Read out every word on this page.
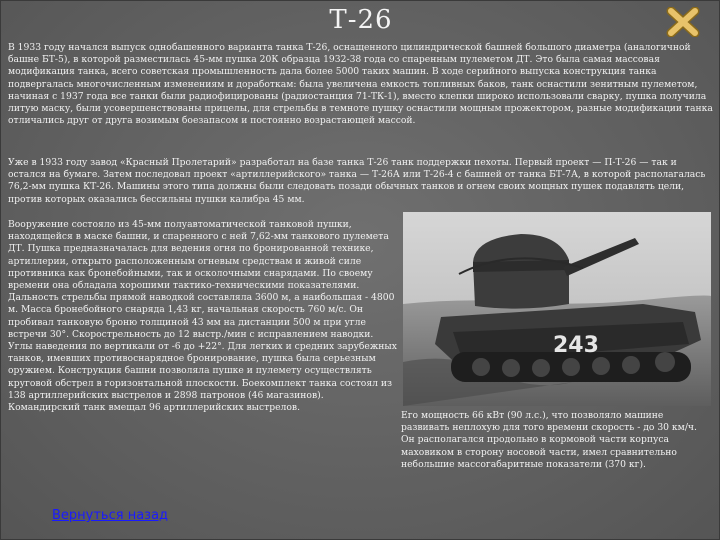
Т-26

В 1933 году начался выпуск однобашенного варианта танка Т-26, оснащенного цилиндрической башней большого диаметра (аналогичной башне БТ-5), в которой разместилась 45-мм пушка 20К образца 1932-38 года со спаренным пулеметом ДТ. Это была самая массовая модификация танка, всего советская промышленность дала более 5000 таких машин. В ходе серийного выпуска конструкция танка подвергалась многочисленным изменениям и доработкам: была увеличена емкость топливных баков, танк оснастили зенитным пулеметом, начиная с 1937 года все танки были радиофицированы (радиостанция 71-ТК-1), вместо клепки широко использовали сварку, пушка получила литую маску, были усовершенствованы прицелы, для стрельбы в темноте пушку оснастили мощным прожектором, разные модификации танка отличались друг от друга возимым боезапасом и постоянно возрастающей массой.

Уже в 1933 году завод «Красный Пролетарий» разработал на базе танка Т-26 танк поддержки пехоты. Первый проект — П-Т-26 — так и остался на бумаге. Затем последовал проект «артиллерийского» танка — Т-26А или Т-26-4 с башней от танка БТ-7А, в которой располагалась 76,2-мм пушка КТ-26. Машины этого типа должны были следовать позади обычных танков и огнем своих мощных пушек подавлять цели, против которых оказались бессильны пушки калибра 45 мм.

Вооружение состояло из 45-мм полуавтоматической танковой пушки, находящейся в маске башни, и спаренного с ней 7,62-мм танкового пулемета ДТ. Пушка предназначалась для ведения огня по бронированной технике, артиллерии, открыто расположенным огневым средствам и живой силе противника как бронебойными, так и осколочными снарядами. По своему времени она обладала хорошими тактико-техническими показателями. Дальность стрельбы прямой наводкой составляла 3600 м, а наибольшая - 4800 м. Масса бронебойного снаряда 1,43 кг, начальная скорость 760 м/с. Он пробивал танковую броню толщиной 43 мм на дистанции 500 м при угле встречи 30°. Скорострельность до 12 выстр./мин с исправлением наводки. Углы наведения по вертикали от -6 до +22°. Для легких и средних зарубежных танков, имевших противоснарядное бронирование, пушка была серьезным оружием. Конструкция башни позволяла пушке и пулемету осуществлять круговой обстрел в горизонтальной плоскости. Боекомплект танка состоял из 138 артиллерийских выстрелов и 2898 патронов (46 магазинов). Командирский танк вмещал 96 артиллерийских выстрелов.

243

Его мощность 66 кВт (90 л.с.), что позволяло машине развивать неплохую для того времени скорость - до 30 км/ч. Он располагался продольно в кормовой части корпуса маховиком в сторону носовой части, имел сравнительно небольшие массогабаритные показатели (370 кг).

Вернуться назад
